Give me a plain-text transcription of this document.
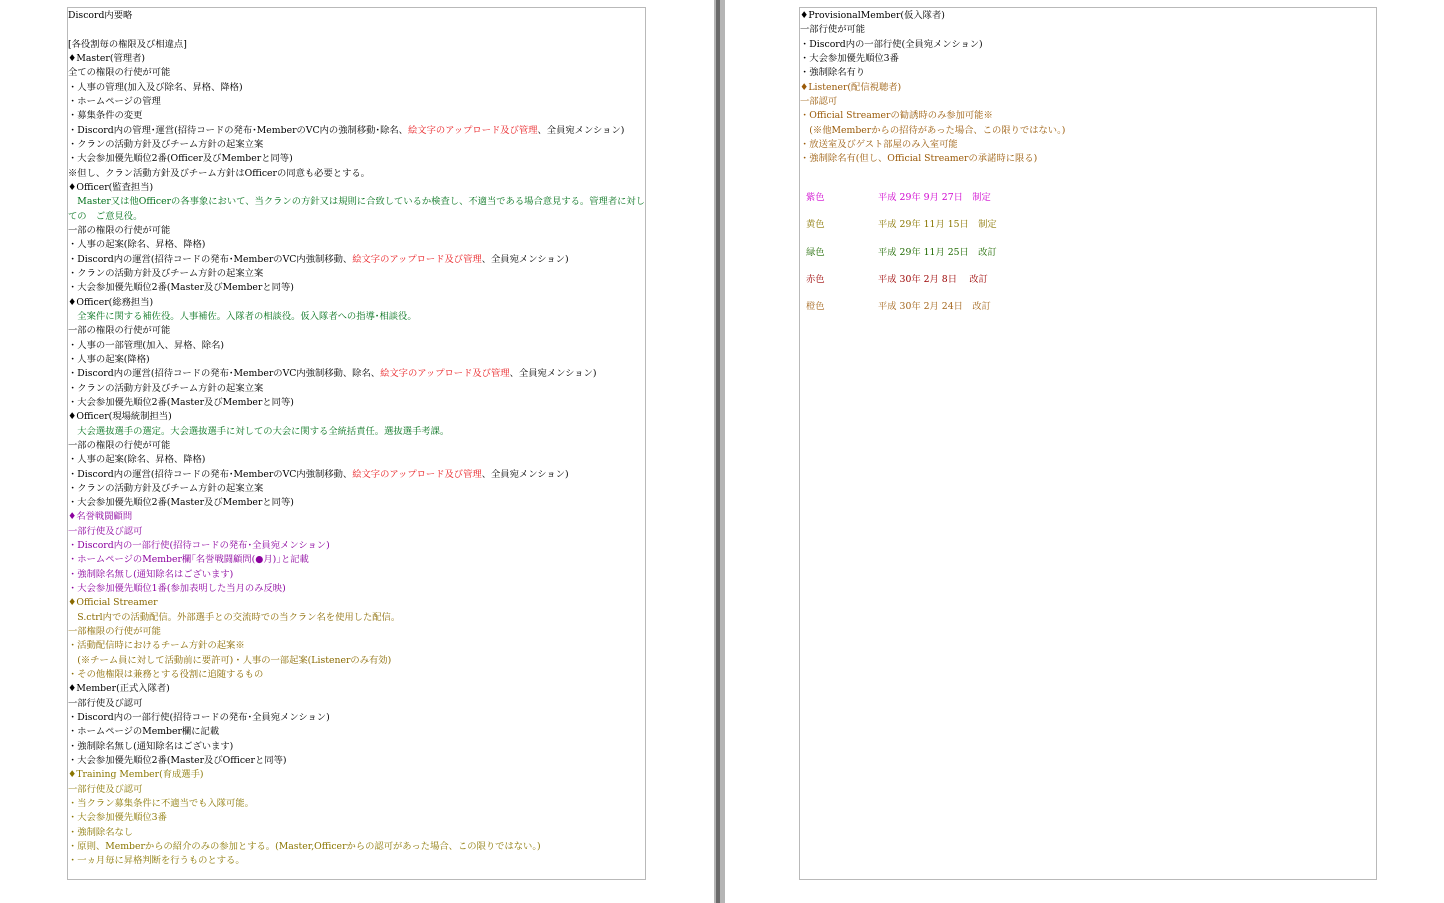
Discord内要略

[各役割毎の権限及び相違点]
♦Master(管理者)
全ての権限の行使が可能
・人事の管理(加入及び除名、昇格、降格)
・ホームページの管理
・募集条件の変更
・Discord内の管理･運営(招待コードの発布･MemberのVC内の強制移動･除名、絵文字のアップロード及び管理、全員宛メンション)
・クランの活動方針及びチーム方針の起案立案
・大会参加優先順位2番(Officer及びMemberと同等)
※但し、クラン活動方針及びチーム方針はOfficerの同意も必要とする。
♦Officer(監査担当)
　Master又は他Officerの各事象において、当クランの方針又は規則に合致しているか検査し、不適当である場合意見する。管理者に対しての　ご意見役。
一部の権限の行使が可能
・人事の起案(除名、昇格、降格)
・Discord内の運営(招待コードの発布･MemberのVC内強制移動、絵文字のアップロード及び管理、全員宛メンション)
・クランの活動方針及びチーム方針の起案立案
・大会参加優先順位2番(Master及びMemberと同等)
♦Officer(総務担当)
　全案件に関する補佐役。人事補佐。入隊者の相談役。仮入隊者への指導･相談役。
一部の権限の行使が可能
・人事の一部管理(加入、昇格、除名)
・人事の起案(降格)
・Discord内の運営(招待コードの発布･MemberのVC内強制移動、除名、絵文字のアップロード及び管理、全員宛メンション)
・クランの活動方針及びチーム方針の起案立案
・大会参加優先順位2番(Master及びMemberと同等)
♦Officer(現場統制担当)
　大会選抜選手の選定。大会選抜選手に対しての大会に関する全統括責任。選抜選手考課。
一部の権限の行使が可能
・人事の起案(除名、昇格、降格)
・Discord内の運営(招待コードの発布･MemberのVC内強制移動、絵文字のアップロード及び管理、全員宛メンション)
・クランの活動方針及びチーム方針の起案立案
・大会参加優先順位2番(Master及びMemberと同等)
♦名誉戦闘顧問
一部行使及び認可
・Discord内の一部行使(招待コードの発布･全員宛メンション)
・ホームページのMember欄｢名誉戦闘顧問(●月)｣と記載
・強制除名無し(通知除名はございます)
・大会参加優先順位1番(参加表明した当月のみ反映)
♦Official Streamer
　S.ctrl内での活動配信。外部選手との交流時での当クラン名を使用した配信。
一部権限の行使が可能
・活動配信時におけるチーム方針の起案※
　(※チーム員に対して活動前に要許可)・人事の一部起案(Listenerのみ有効)
・その他権限は兼務とする役割に追随するもの
♦Member(正式入隊者)
一部行使及び認可
・Discord内の一部行使(招待コードの発布･全員宛メンション)
・ホームページのMember欄に記載
・強制除名無し(通知除名はございます)
・大会参加優先順位2番(Master及びOfficerと同等)
♦Training Member(育成選手)
一部行使及び認可
・当クラン募集条件に不適当でも入隊可能。
・大会参加優先順位3番
・強制除名なし
・原則、Memberからの紹介のみの参加とする。(Master,Officerからの認可があった場合、この限りではない。)
・一ヵ月毎に昇格判断を行うものとする。
♦ProvisionalMember(仮入隊者)
一部行使が可能
・Discord内の一部行使(全員宛メンション)
・大会参加優先順位3番
・強制除名有り
♦Listener(配信視聴者)
一部認可
・Official Streamerの勧誘時のみ参加可能※
　(※他Memberからの招待があった場合、この限りではない。)
・放送室及びゲスト部屋のみ入室可能
・強制除名有(但し、Official Streamerの承諾時に限る)
紫色	平成 29年 9月 27日　制定
黄色	平成 29年 11月 15日　制定
緑色	平成 29年 11月 25日　改訂
赤色	平成 30年 2月 8日　 改訂
橙色	平成 30年 2月 24日　改訂
